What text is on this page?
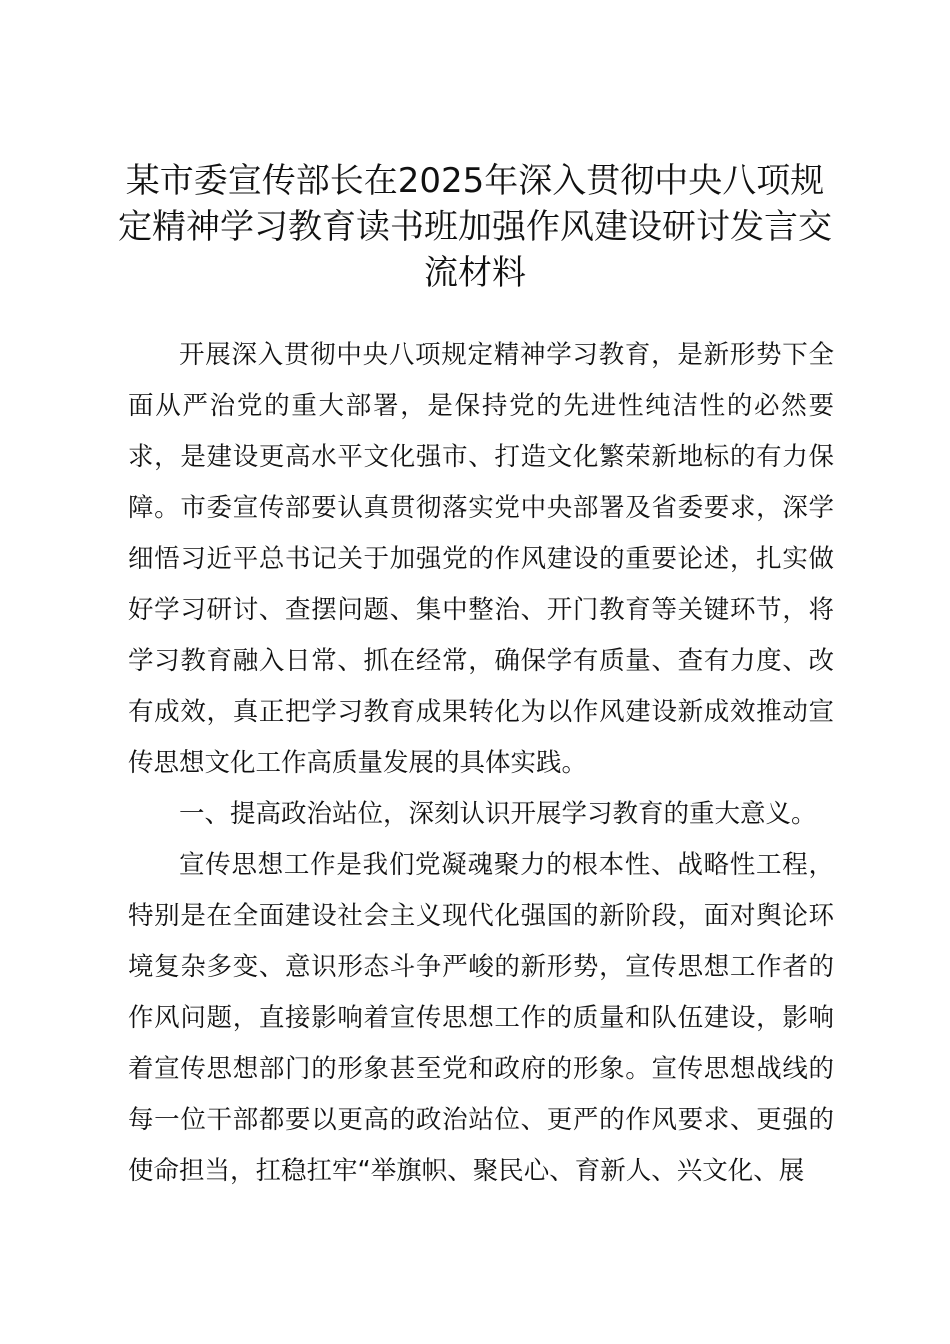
某市委宣传部长在2025年深入贯彻中央八项规定精神学习教育读书班加强作风建设研讨发言交流材料

开展深入贯彻中央八项规定精神学习教育，是新形势下全面从严治党的重大部署，是保持党的先进性纯洁性的必然要求，是建设更高水平文化强市、打造文化繁荣新地标的有力保障。市委宣传部要认真贯彻落实党中央部署及省委要求，深学细悟习近平总书记关于加强党的作风建设的重要论述，扎实做好学习研讨、查摆问题、集中整治、开门教育等关键环节，将学习教育融入日常、抓在经常，确保学有质量、查有力度、改有成效，真正把学习教育成果转化为以作风建设新成效推动宣传思想文化工作高质量发展的具体实践。

一、提高政治站位，深刻认识开展学习教育的重大意义。

宣传思想工作是我们党凝魂聚力的根本性、战略性工程，特别是在全面建设社会主义现代化强国的新阶段，面对舆论环境复杂多变、意识形态斗争严峻的新形势，宣传思想工作者的作风问题，直接影响着宣传思想工作的质量和队伍建设，影响着宣传思想部门的形象甚至党和政府的形象。宣传思想战线的每一位干部都要以更高的政治站位、更严的作风要求、更强的使命担当，扛稳扛牢“举旗帜、聚民心、育新人、兴文化、展
